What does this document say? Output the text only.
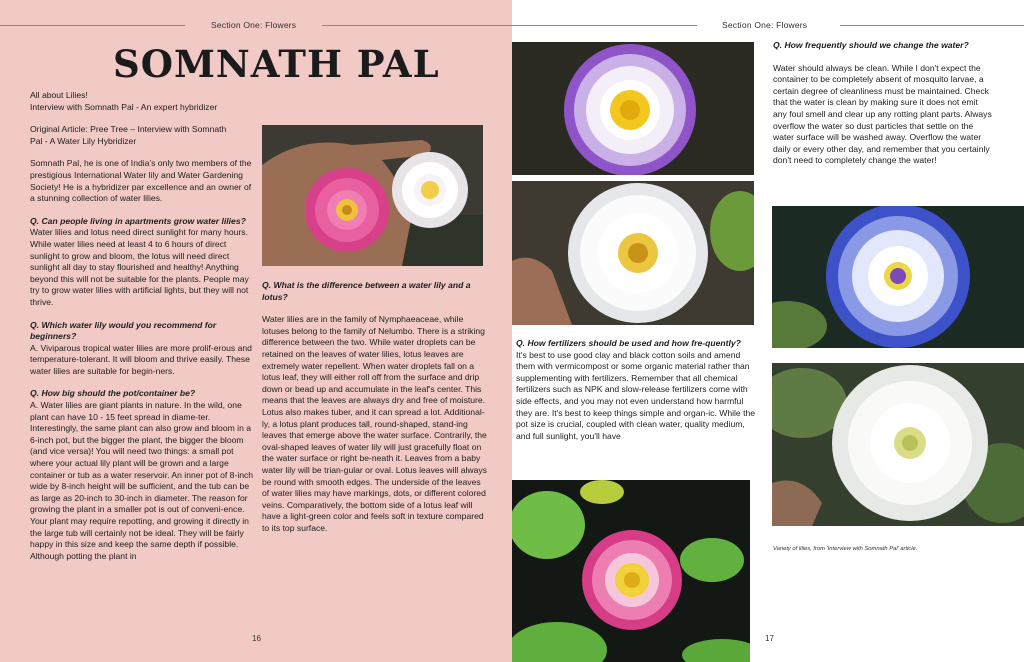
Section One: Flowers
SOMNATH PAL
All about Lilies!
Interview with Somnath Pal - An expert hybridizer
Original Article: Pree Tree – Interview with Somnath
Pal - A Water Lily Hybridizer
Somnath Pal, he is one of India's only two members of the prestigious International Water lily and Water Gardening Society! He is a hybridizer par excellence and an owner of a stunning collection of water lilies.
Q. Can people living in apartments grow water lilies?
Water lilies and lotus need direct sunlight for many hours. While water lilies need at least 4 to 6 hours of direct sunlight to grow and bloom, the lotus will need direct sunlight all day to stay flourished and healthy! Anything beyond this will not be suitable for the plants. People may try to grow water lilies with artificial lights, but they will not thrive.
Q. Which water lily would you recommend for beginners?
A. Viviparous tropical water lilies are more prolif-erous and temperature-tolerant. It will bloom and thrive easily. These water lilies are suitable for begin-ners.
Q. How big should the pot/container be?
A. Water lilies are giant plants in nature. In the wild, one plant can have 10 - 15 feet spread in diame-ter. Interestingly, the same plant can also grow and bloom in a 6-inch pot, but the bigger the plant, the bigger the bloom (and vice versa)! You will need two things: a small pot where your actual lily plant will be grown and a large container or tub as a water reservoir. An inner pot of 8-inch wide by 8-inch height will be sufficient, and the tub can be as large as 20-inch to 30-inch in diameter. The reason for growing the plant in a smaller pot is out of conveni-ence. Your plant may require repotting, and growing it directly in the large tub will certainly not be ideal. They will be fairly happy in this size and keep the same depth if possible. Although potting the plant in
Q. What is the difference between a water lily and a lotus?
Water lilies are in the family of Nymphaeaceae, while lotuses belong to the family of Nelumbo. There is a striking difference between the two. While water droplets can be retained on the leaves of water lilies, lotus leaves are extremely water repellent. When water droplets fall on a lotus leaf, they will either roll off from the surface and drip down or bead up and accumulate in the leaf's center. This means that the leaves are always dry and free of moisture. Lotus also makes tuber, and it can spread a lot. Additional-ly, a lotus plant produces tall, round-shaped, stand-ing leaves that emerge above the water surface. Contrarily, the oval-shaped leaves of water lily will just gracefully float on the water surface or right be-neath it. Leaves from a baby water lily will be trian-gular or oval. Lotus leaves will always be round with smooth edges. The underside of the leaves of water lilies may have markings, dots, or different colored veins. Comparatively, the bottom side of a lotus leaf will have a light-green color and feels soft in texture compared to its top surface.
16
Section One: Flowers
Q. How fertilizers should be used and how fre-quently?
It's best to use good clay and black cotton soils and amend them with vermicompost or some organic material rather than supplementing with fertilizers. Remember that all chemical fertilizers such as NPK and slow-release fertilizers come with side effects, and you may not even understand how harmful they are. It's best to keep things simple and organ-ic. While the pot size is crucial, coupled with clean water, quality medium, and full sunlight, you'll have
Q. How frequently should we change the water?
Water should always be clean. While I don't expect the container to be completely absent of mosquito larvae, a certain degree of cleanliness must be maintained. Check that the water is clean by making sure it does not emit any foul smell and clear up any rotting plant parts. Always overflow the water so dust particles that settle on the water surface will be washed away. Overflow the water daily or every other day, and remember that you certainly don't need to completely change the water!
Variety of lilies, from 'Interview with Somnath Pal' article.
17
